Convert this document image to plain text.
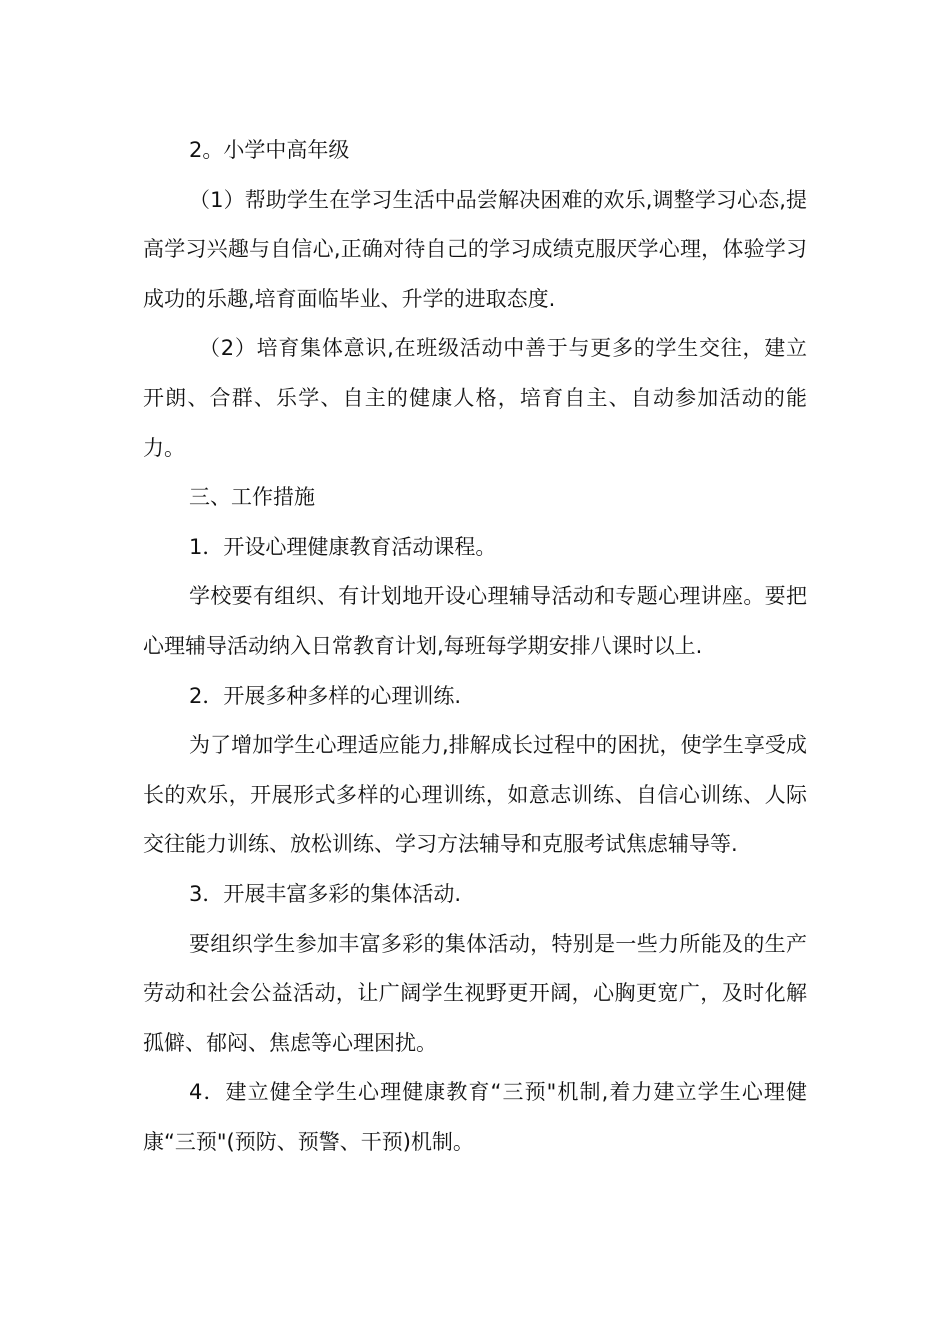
2。小学中高年级

（1）帮助学生在学习生活中品尝解决困难的欢乐,调整学习心态,提高学习兴趣与自信心,正确对待自己的学习成绩克服厌学心理，体验学习成功的乐趣,培育面临毕业、升学的进取态度.

（2）培育集体意识,在班级活动中善于与更多的学生交往，建立开朗、合群、乐学、自主的健康人格，培育自主、自动参加活动的能力。

三、工作措施

1．开设心理健康教育活动课程。

学校要有组织、有计划地开设心理辅导活动和专题心理讲座。要把心理辅导活动纳入日常教育计划,每班每学期安排八课时以上.

2．开展多种多样的心理训练.

为了增加学生心理适应能力,排解成长过程中的困扰，使学生享受成长的欢乐，开展形式多样的心理训练，如意志训练、自信心训练、人际交往能力训练、放松训练、学习方法辅导和克服考试焦虑辅导等.

3．开展丰富多彩的集体活动.

要组织学生参加丰富多彩的集体活动，特别是一些力所能及的生产劳动和社会公益活动，让广阔学生视野更开阔，心胸更宽广，及时化解孤僻、郁闷、焦虑等心理困扰。

4．建立健全学生心理健康教育“三预"机制,着力建立学生心理健康“三预"(预防、预警、干预)机制。
